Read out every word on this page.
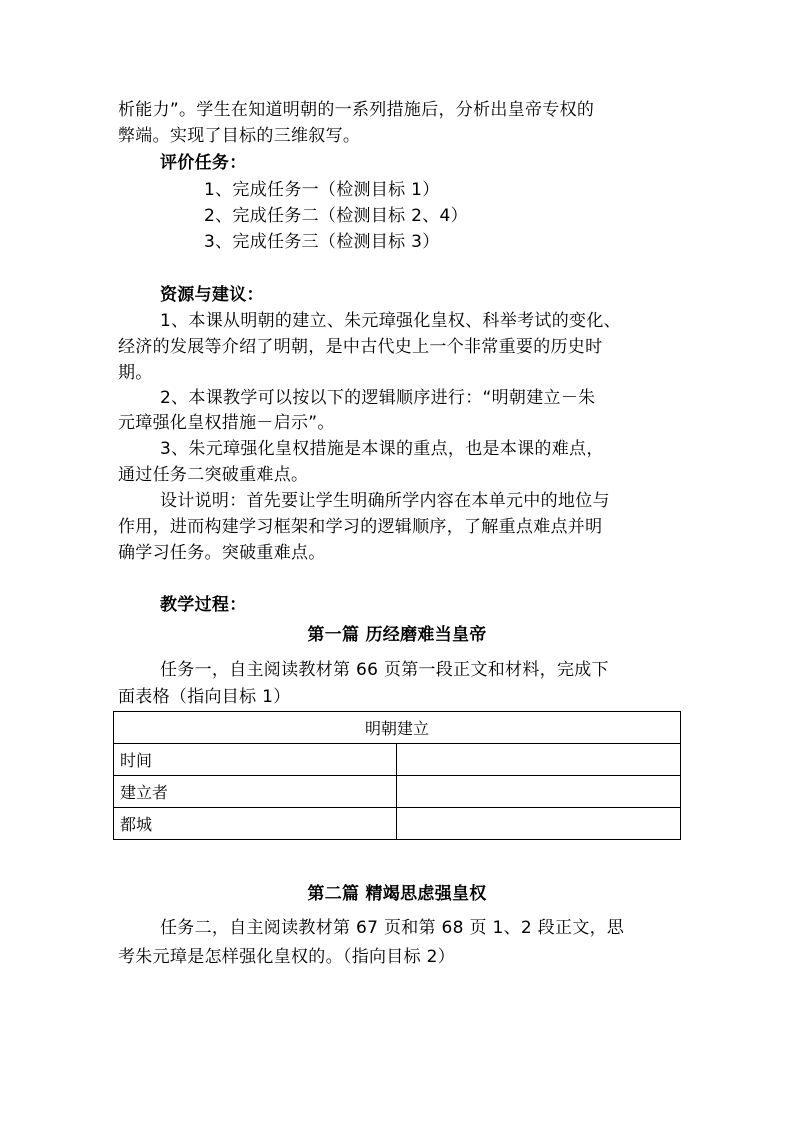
析能力”。学生在知道明朝的一系列措施后，分析出皇帝专权的
弊端。实现了目标的三维叙写。
评价任务：
1、完成任务一（检测目标 1）
2、完成任务二（检测目标 2、4）
3、完成任务三（检测目标 3）
资源与建议：
1、本课从明朝的建立、朱元璋强化皇权、科举考试的变化、
经济的发展等介绍了明朝，是中古代史上一个非常重要的历史时
期。
2、本课教学可以按以下的逻辑顺序进行：“明朝建立－朱
元璋强化皇权措施－启示”。
3、朱元璋强化皇权措施是本课的重点，也是本课的难点，
通过任务二突破重难点。
设计说明：首先要让学生明确所学内容在本单元中的地位与
作用，进而构建学习框架和学习的逻辑顺序，了解重点难点并明
确学习任务。突破重难点。
教学过程：
第一篇 历经磨难当皇帝
任务一，自主阅读教材第 66 页第一段正文和材料，完成下
面表格（指向目标 1）
明朝建立	
时间	
建立者	
都城	
第二篇 精竭思虑强皇权
任务二，自主阅读教材第 67 页和第 68 页 1、2 段正文，思
考朱元璋是怎样强化皇权的。（指向目标 2）
